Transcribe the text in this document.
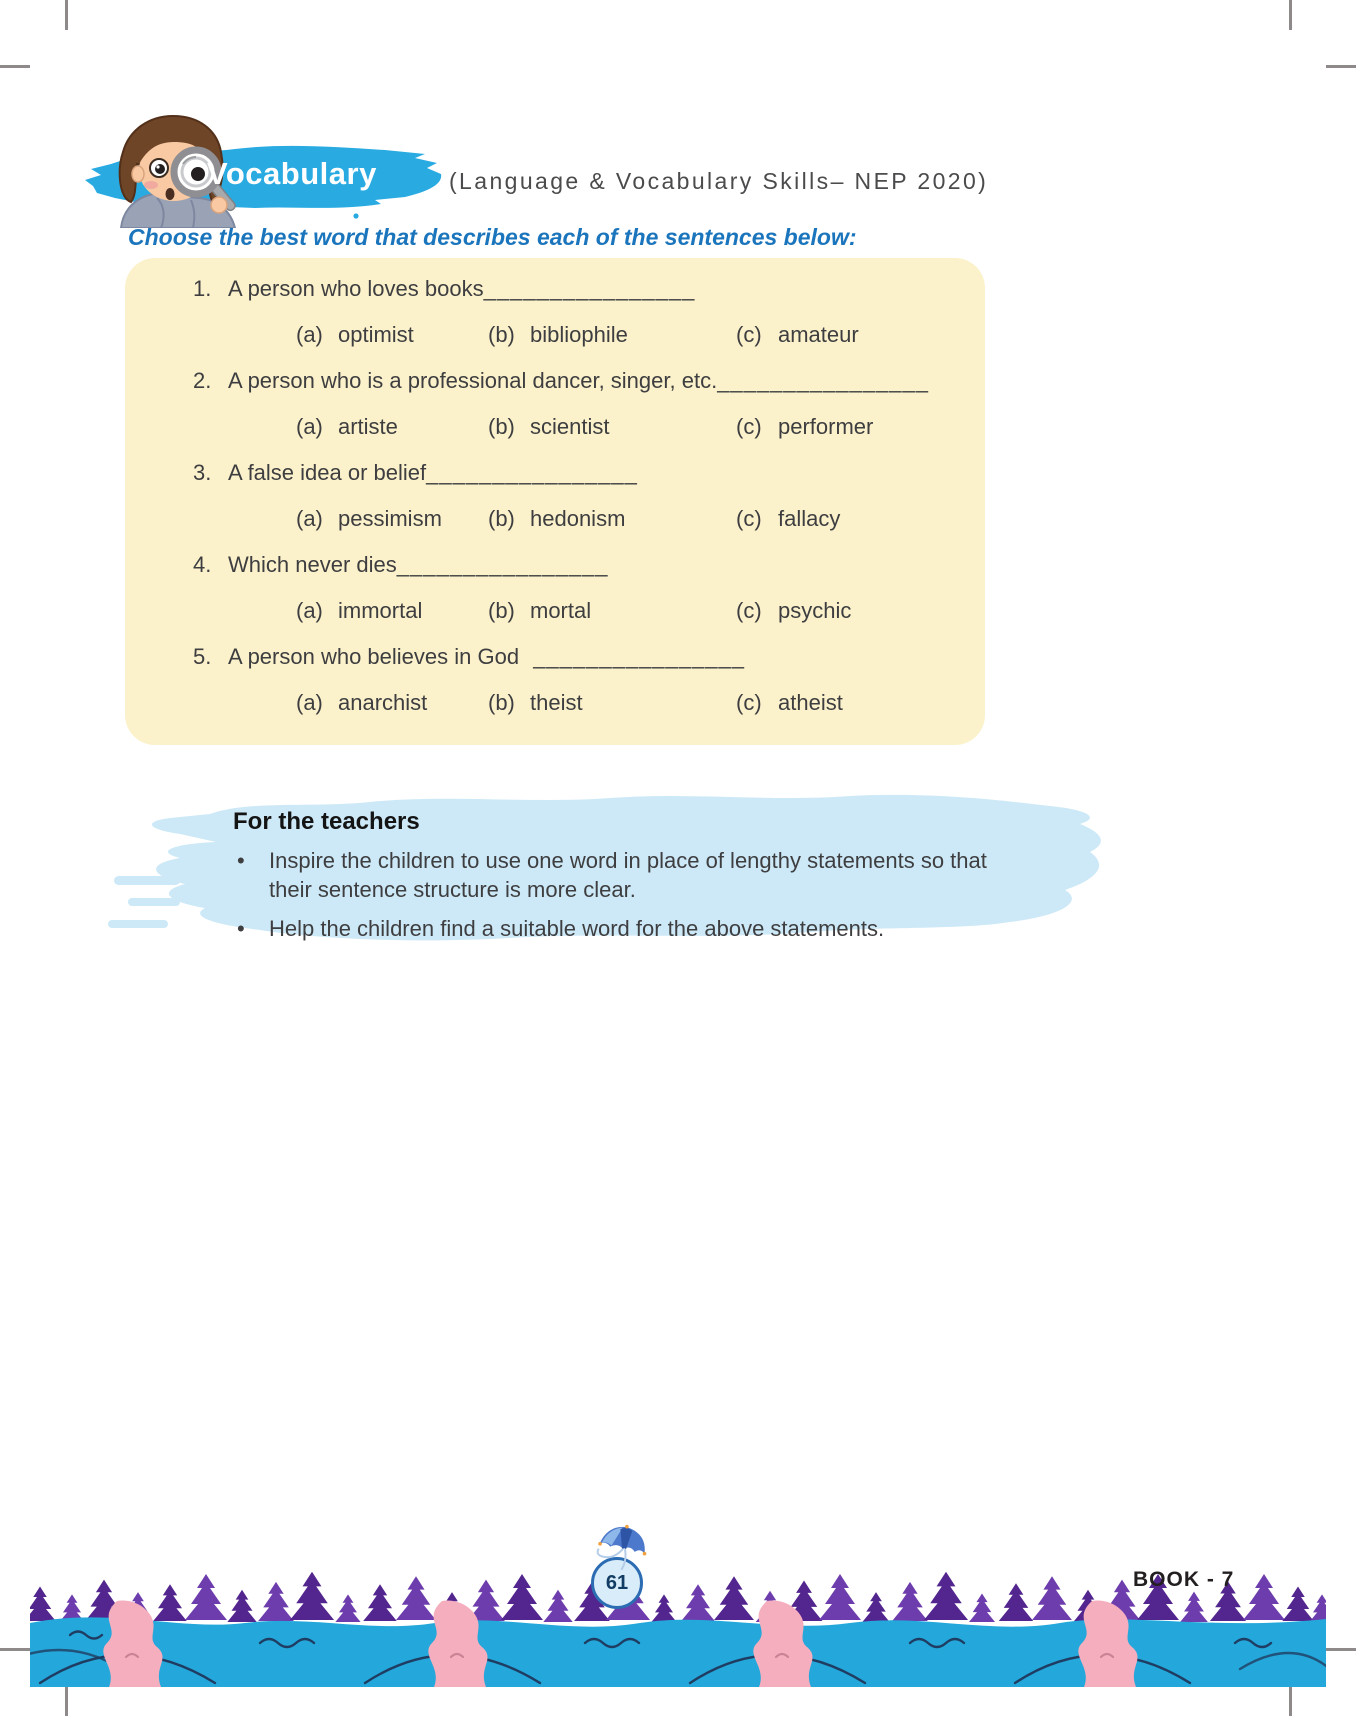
Vocabulary	(Language & Vocabulary Skills– NEP 2020)
Choose the best word that describes each of the sentences below:
1. A person who loves books________________
(a) optimist	(b) bibliophile	(c) amateur
2. A person who is a professional dancer, singer, etc.________________
(a) artiste	(b) scientist	(c) performer
3. A false idea or belief________________
(a) pessimism (b) hedonism	(c) fallacy
4. Which never dies________________
(a) immortal	(b) mortal	(c) psychic
5. A person who believes in God ________________
(a) anarchist	(b) theist	(c) atheist
For the teachers
• Inspire the children to use one word in place of lengthy statements so that their sentence structure is more clear.
• Help the children find a suitable word for the above statements.
61	BOOK - 7
